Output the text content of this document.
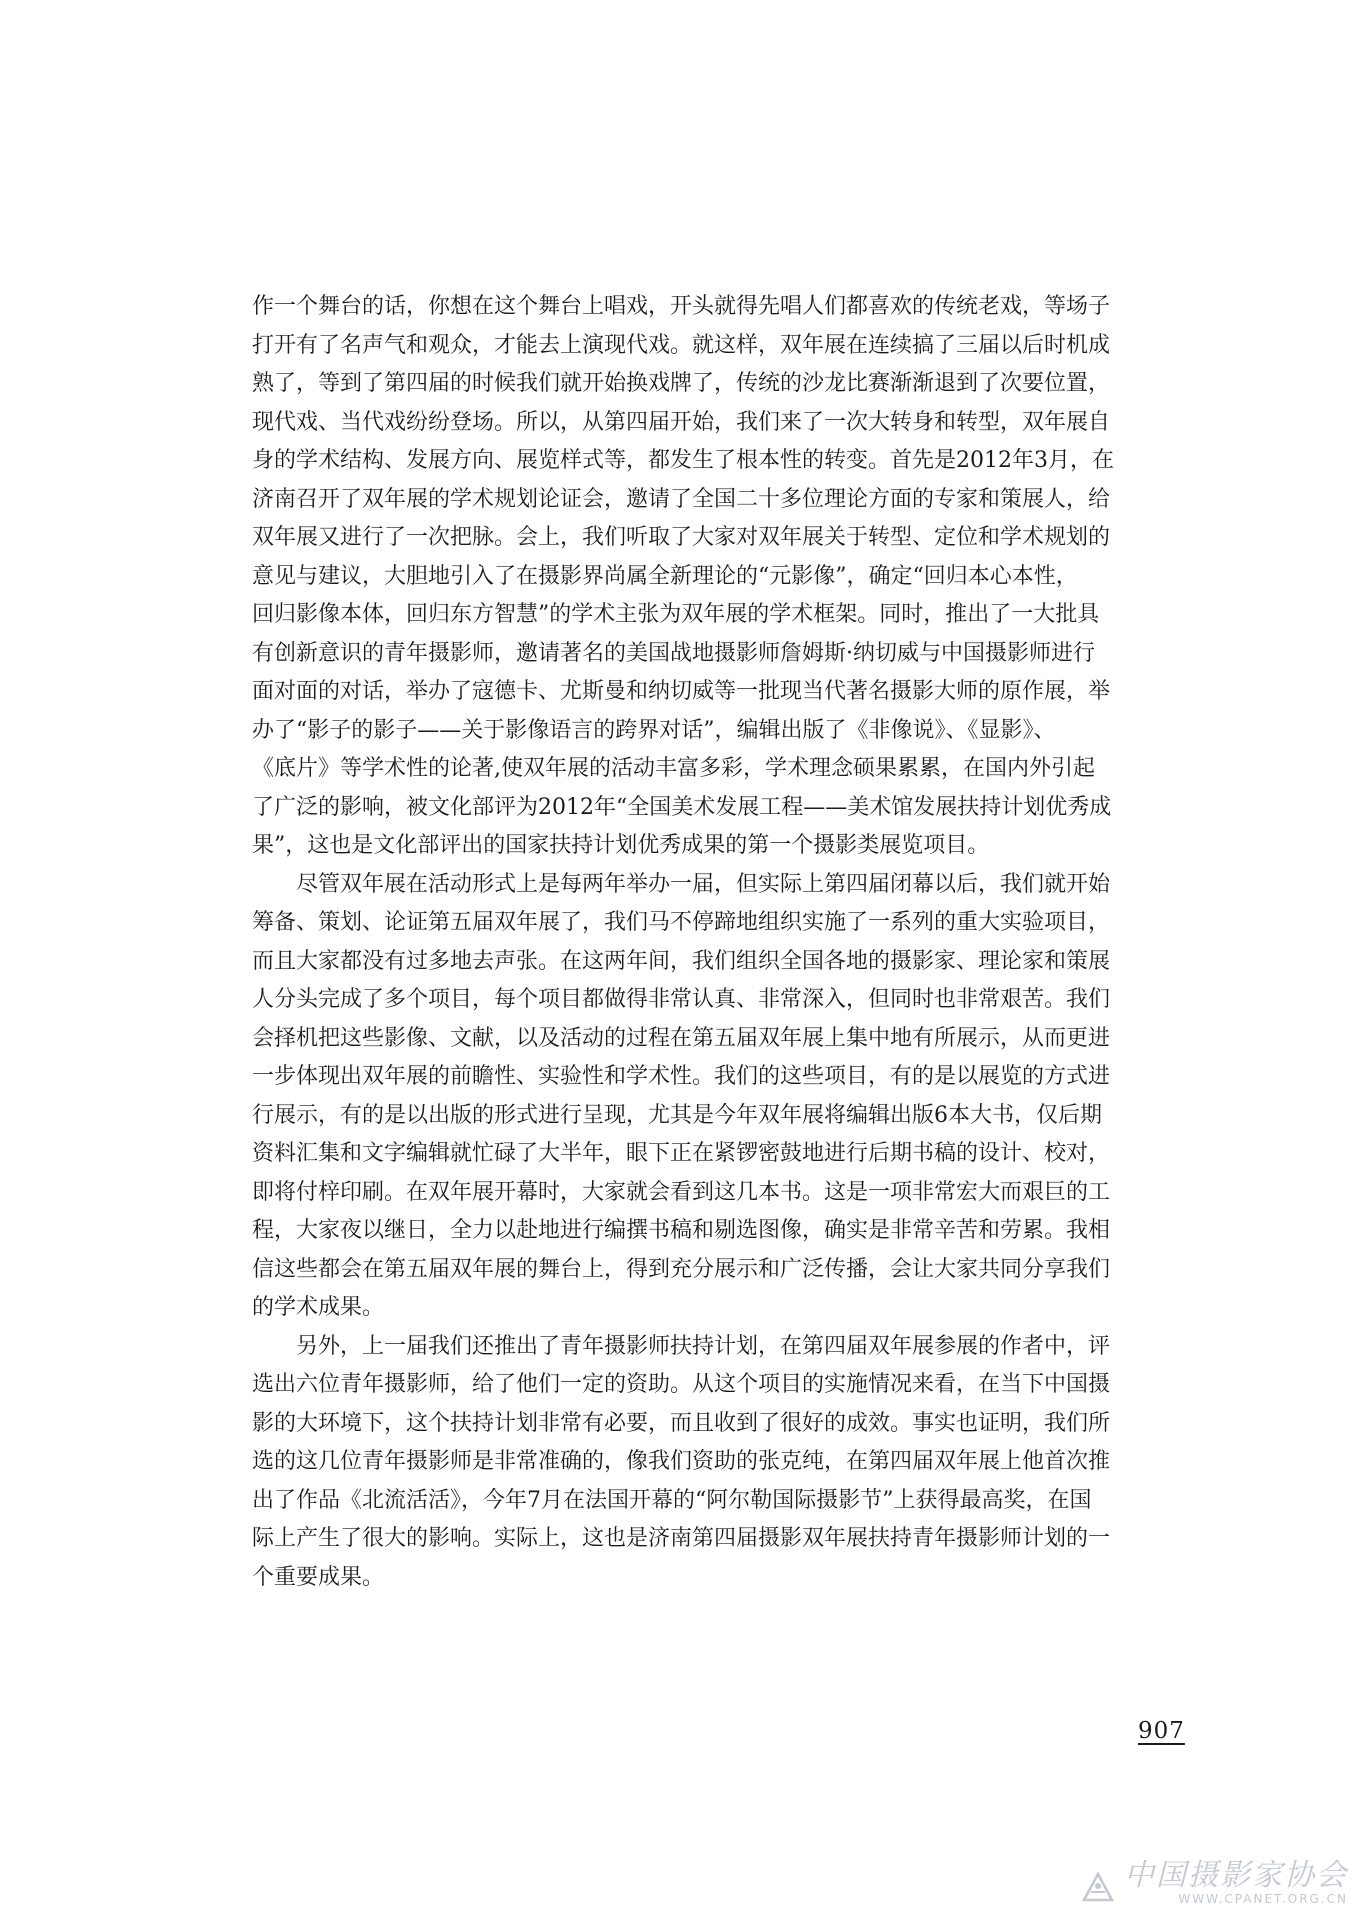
作一个舞台的话，你想在这个舞台上唱戏，开头就得先唱人们都喜欢的传统老戏，等场子
打开有了名声气和观众，才能去上演现代戏。就这样，双年展在连续搞了三届以后时机成
熟了，等到了第四届的时候我们就开始换戏牌了，传统的沙龙比赛渐渐退到了次要位置，
现代戏、当代戏纷纷登场。所以，从第四届开始，我们来了一次大转身和转型，双年展自
身的学术结构、发展方向、展览样式等，都发生了根本性的转变。首先是2012年3月，在
济南召开了双年展的学术规划论证会，邀请了全国二十多位理论方面的专家和策展人，给
双年展又进行了一次把脉。会上，我们听取了大家对双年展关于转型、定位和学术规划的
意见与建议，大胆地引入了在摄影界尚属全新理论的“元影像”，确定“回归本心本性，
回归影像本体，回归东方智慧”的学术主张为双年展的学术框架。同时，推出了一大批具
有创新意识的青年摄影师，邀请著名的美国战地摄影师詹姆斯·纳切威与中国摄影师进行
面对面的对话，举办了寇德卡、尤斯曼和纳切威等一批现当代著名摄影大师的原作展，举
办了“影子的影子——关于影像语言的跨界对话”，编辑出版了《非像说》、《显影》、
《底片》等学术性的论著,使双年展的活动丰富多彩，学术理念硕果累累，在国内外引起
了广泛的影响，被文化部评为2012年“全国美术发展工程——美术馆发展扶持计划优秀成
果”，这也是文化部评出的国家扶持计划优秀成果的第一个摄影类展览项目。
尽管双年展在活动形式上是每两年举办一届，但实际上第四届闭幕以后，我们就开始
筹备、策划、论证第五届双年展了，我们马不停蹄地组织实施了一系列的重大实验项目，
而且大家都没有过多地去声张。在这两年间，我们组织全国各地的摄影家、理论家和策展
人分头完成了多个项目，每个项目都做得非常认真、非常深入，但同时也非常艰苦。我们
会择机把这些影像、文献，以及活动的过程在第五届双年展上集中地有所展示，从而更进
一步体现出双年展的前瞻性、实验性和学术性。我们的这些项目，有的是以展览的方式进
行展示，有的是以出版的形式进行呈现，尤其是今年双年展将编辑出版6本大书，仅后期
资料汇集和文字编辑就忙碌了大半年，眼下正在紧锣密鼓地进行后期书稿的设计、校对，
即将付梓印刷。在双年展开幕时，大家就会看到这几本书。这是一项非常宏大而艰巨的工
程，大家夜以继日，全力以赴地进行编撰书稿和剔选图像，确实是非常辛苦和劳累。我相
信这些都会在第五届双年展的舞台上，得到充分展示和广泛传播，会让大家共同分享我们
的学术成果。
另外，上一届我们还推出了青年摄影师扶持计划，在第四届双年展参展的作者中，评
选出六位青年摄影师，给了他们一定的资助。从这个项目的实施情况来看，在当下中国摄
影的大环境下，这个扶持计划非常有必要，而且收到了很好的成效。事实也证明，我们所
选的这几位青年摄影师是非常准确的，像我们资助的张克纯，在第四届双年展上他首次推
出了作品《北流活活》，今年7月在法国开幕的“阿尔勒国际摄影节”上获得最高奖，在国
际上产生了很大的影响。实际上，这也是济南第四届摄影双年展扶持青年摄影师计划的一
个重要成果。
907
中国摄影家协会
WWW.CPANET.ORG.CN
